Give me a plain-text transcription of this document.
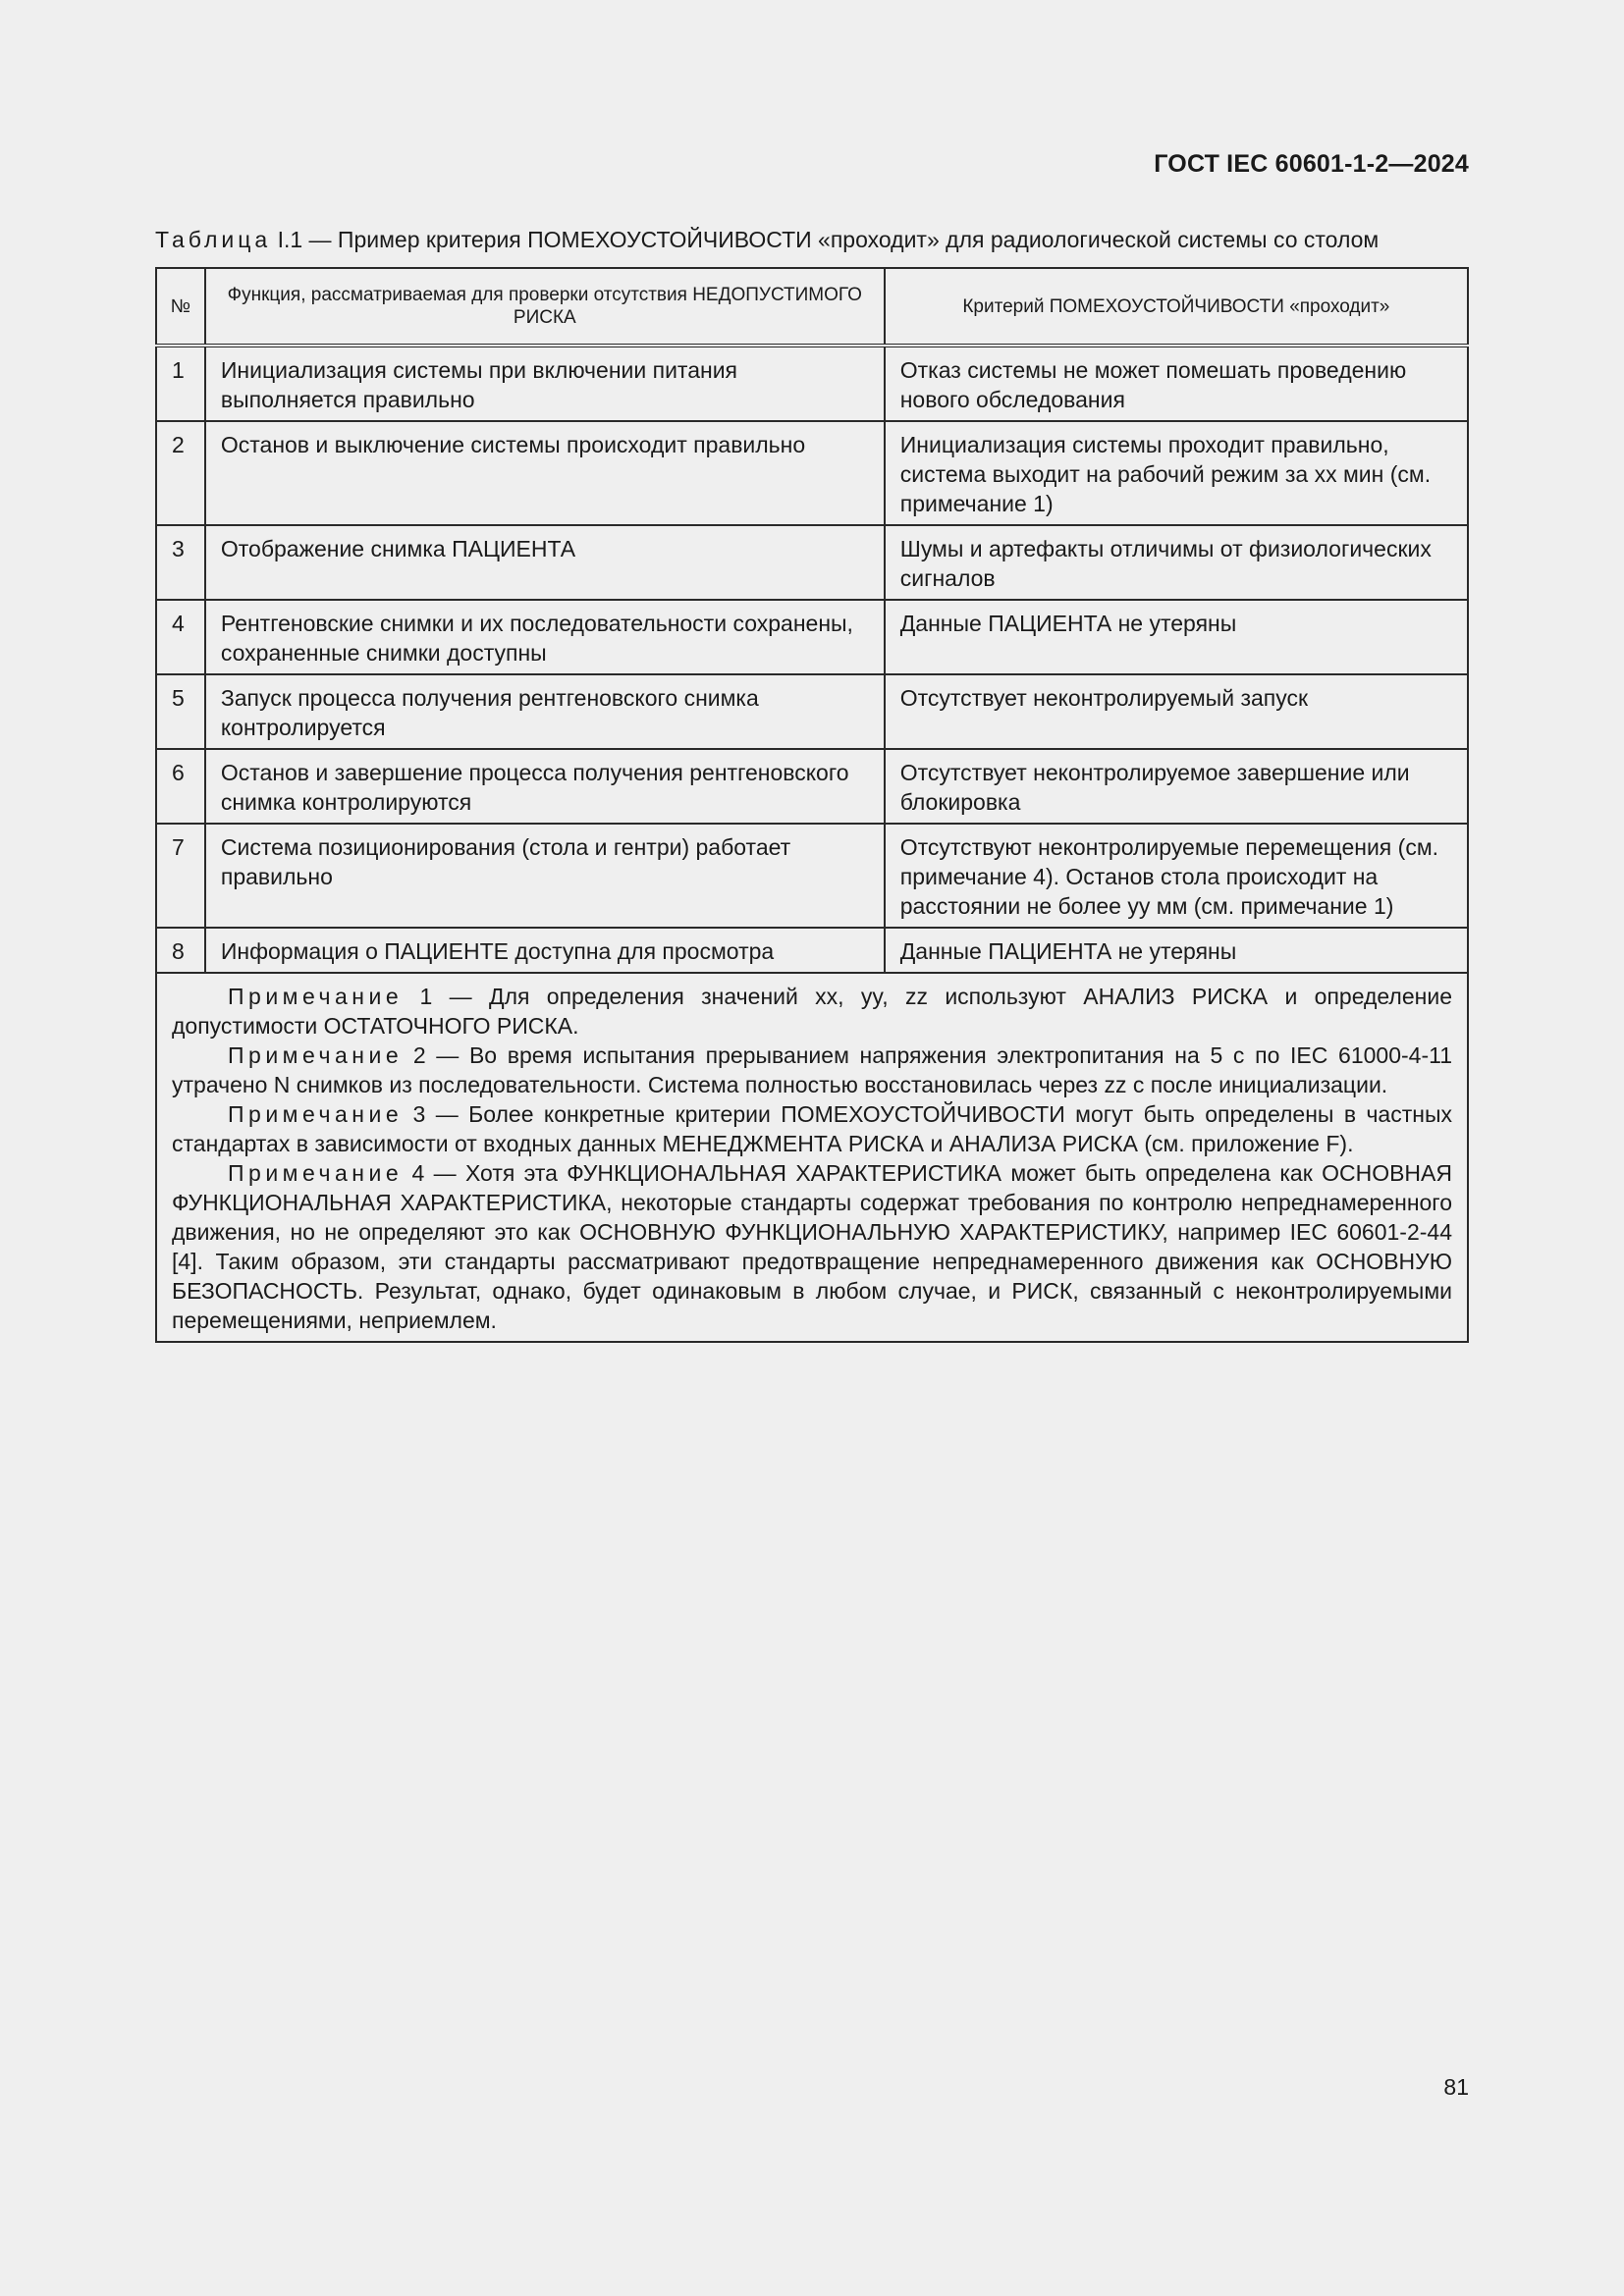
ГОСТ IEC 60601-1-2—2024
Таблица I.1 — Пример критерия ПОМЕХОУСТОЙЧИВОСТИ «проходит» для радиологической системы со столом
№	Функция, рассматриваемая для проверки отсутствия НЕДОПУСТИМОГО РИСКА	Критерий ПОМЕХОУСТОЙЧИВОСТИ «проходит»
1	Инициализация системы при включении питания выполняется правильно	Отказ системы не может помешать проведению нового обследования
2	Останов и выключение системы происходит правильно	Инициализация системы проходит правильно, система выходит на рабочий режим за xx мин (см. примечание 1)
3	Отображение снимка ПАЦИЕНТА	Шумы и артефакты отличимы от физиологических сигналов
4	Рентгеновские снимки и их последовательности сохранены, сохраненные снимки доступны	Данные ПАЦИЕНТА не утеряны
5	Запуск процесса получения рентгеновского снимка контролируется	Отсутствует неконтролируемый запуск
6	Останов и завершение процесса получения рентгеновского снимка контролируются	Отсутствует неконтролируемое завершение или блокировка
7	Система позиционирования (стола и гентри) работает правильно	Отсутствуют неконтролируемые перемещения (см. примечание 4). Останов стола происходит на расстоянии не более yy мм (см. примечание 1)
8	Информация о ПАЦИЕНТЕ доступна для просмотра	Данные ПАЦИЕНТА не утеряны

Примечание 1 — Для определения значений xx, yy, zz используют АНАЛИЗ РИСКА и определение допустимости ОСТАТОЧНОГО РИСКА.

Примечание 2 — Во время испытания прерыванием напряжения электропитания на 5 с по IEC 61000-4-11 утрачено N снимков из последовательности. Система полностью восстановилась через zz с после инициализации.

Примечание 3 — Более конкретные критерии ПОМЕХОУСТОЙЧИВОСТИ могут быть определены в частных стандартах в зависимости от входных данных МЕНЕДЖМЕНТА РИСКА и АНАЛИЗА РИСКА (см. приложение F).

Примечание 4 — Хотя эта ФУНКЦИОНАЛЬНАЯ ХАРАКТЕРИСТИКА может быть определена как ОСНОВНАЯ ФУНКЦИОНАЛЬНАЯ ХАРАКТЕРИСТИКА, некоторые стандарты содержат требования по контролю непреднамеренного движения, но не определяют это как ОСНОВНУЮ ФУНКЦИОНАЛЬНУЮ ХАРАКТЕРИСТИКУ, например IEC 60601-2-44 [4]. Таким образом, эти стандарты рассматривают предотвращение непреднамеренного движения как ОСНОВНУЮ БЕЗОПАСНОСТЬ. Результат, однако, будет одинаковым в любом случае, и РИСК, связанный с неконтролируемыми перемещениями, неприемлем.		

81
